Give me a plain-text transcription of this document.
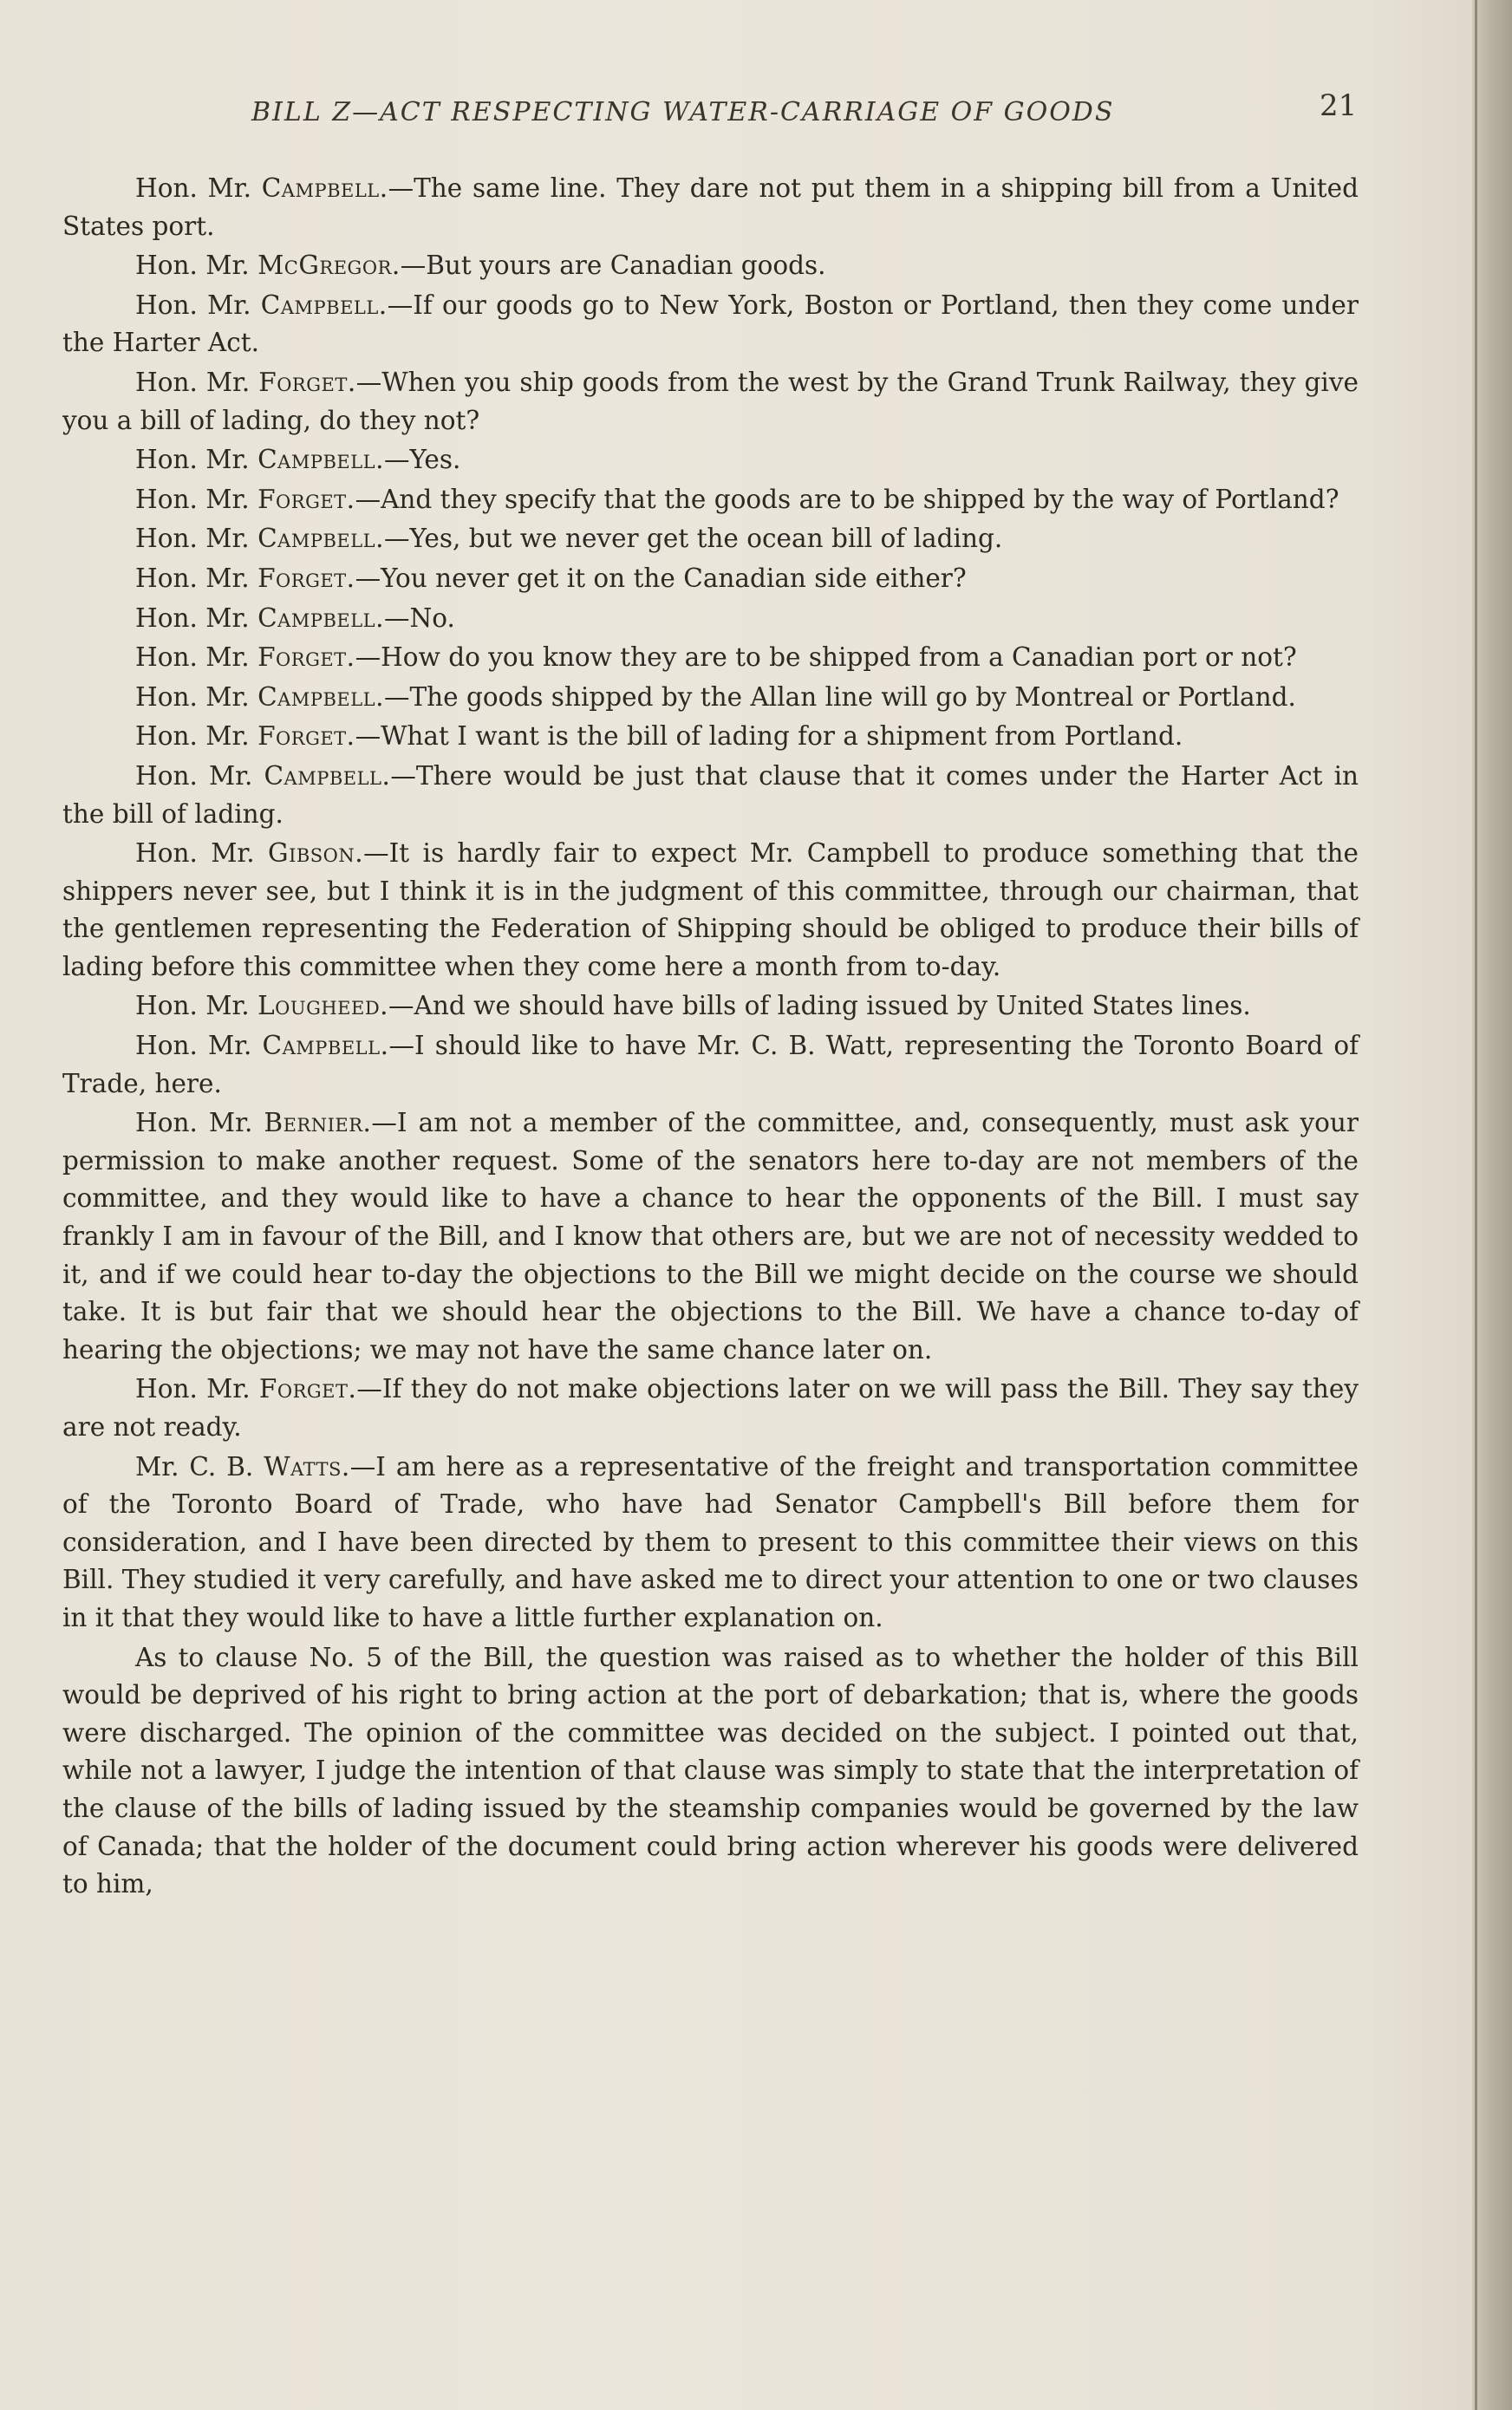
BILL Z—ACT RESPECTING WATER-CARRIAGE OF GOODS	21

Hon. Mr. Campbell.—The same line. They dare not put them in a shipping bill from a United States port.

Hon. Mr. McGregor.—But yours are Canadian goods.

Hon. Mr. Campbell.—If our goods go to New York, Boston or Portland, then they come under the Harter Act.

Hon. Mr. Forget.—When you ship goods from the west by the Grand Trunk Railway, they give you a bill of lading, do they not?

Hon. Mr. Campbell.—Yes.

Hon. Mr. Forget.—And they specify that the goods are to be shipped by the way of Portland?

Hon. Mr. Campbell.—Yes, but we never get the ocean bill of lading.

Hon. Mr. Forget.—You never get it on the Canadian side either?

Hon. Mr. Campbell.—No.

Hon. Mr. Forget.—How do you know they are to be shipped from a Canadian port or not?

Hon. Mr. Campbell.—The goods shipped by the Allan line will go by Montreal or Portland.

Hon. Mr. Forget.—What I want is the bill of lading for a shipment from Portland.

Hon. Mr. Campbell.—There would be just that clause that it comes under the Harter Act in the bill of lading.

Hon. Mr. Gibson.—It is hardly fair to expect Mr. Campbell to produce something that the shippers never see, but I think it is in the judgment of this committee, through our chairman, that the gentlemen representing the Federation of Shipping should be obliged to produce their bills of lading before this committee when they come here a month from to-day.

Hon. Mr. Lougheed.—And we should have bills of lading issued by United States lines.

Hon. Mr. Campbell.—I should like to have Mr. C. B. Watt, representing the Toronto Board of Trade, here.

Hon. Mr. Bernier.—I am not a member of the committee, and, consequently, must ask your permission to make another request. Some of the senators here to-day are not members of the committee, and they would like to have a chance to hear the opponents of the Bill. I must say frankly I am in favour of the Bill, and I know that others are, but we are not of necessity wedded to it, and if we could hear to-day the objections to the Bill we might decide on the course we should take. It is but fair that we should hear the objections to the Bill. We have a chance to-day of hearing the objections; we may not have the same chance later on.

Hon. Mr. Forget.—If they do not make objections later on we will pass the Bill. They say they are not ready.

Mr. C. B. Watts.—I am here as a representative of the freight and transportation committee of the Toronto Board of Trade, who have had Senator Campbell's Bill before them for consideration, and I have been directed by them to present to this committee their views on this Bill. They studied it very carefully, and have asked me to direct your attention to one or two clauses in it that they would like to have a little further explanation on.

As to clause No. 5 of the Bill, the question was raised as to whether the holder of this Bill would be deprived of his right to bring action at the port of debarkation; that is, where the goods were discharged. The opinion of the committee was decided on the subject. I pointed out that, while not a lawyer, I judge the intention of that clause was simply to state that the interpretation of the clause of the bills of lading issued by the steamship companies would be governed by the law of Canada; that the holder of the document could bring action wherever his goods were delivered to him,
